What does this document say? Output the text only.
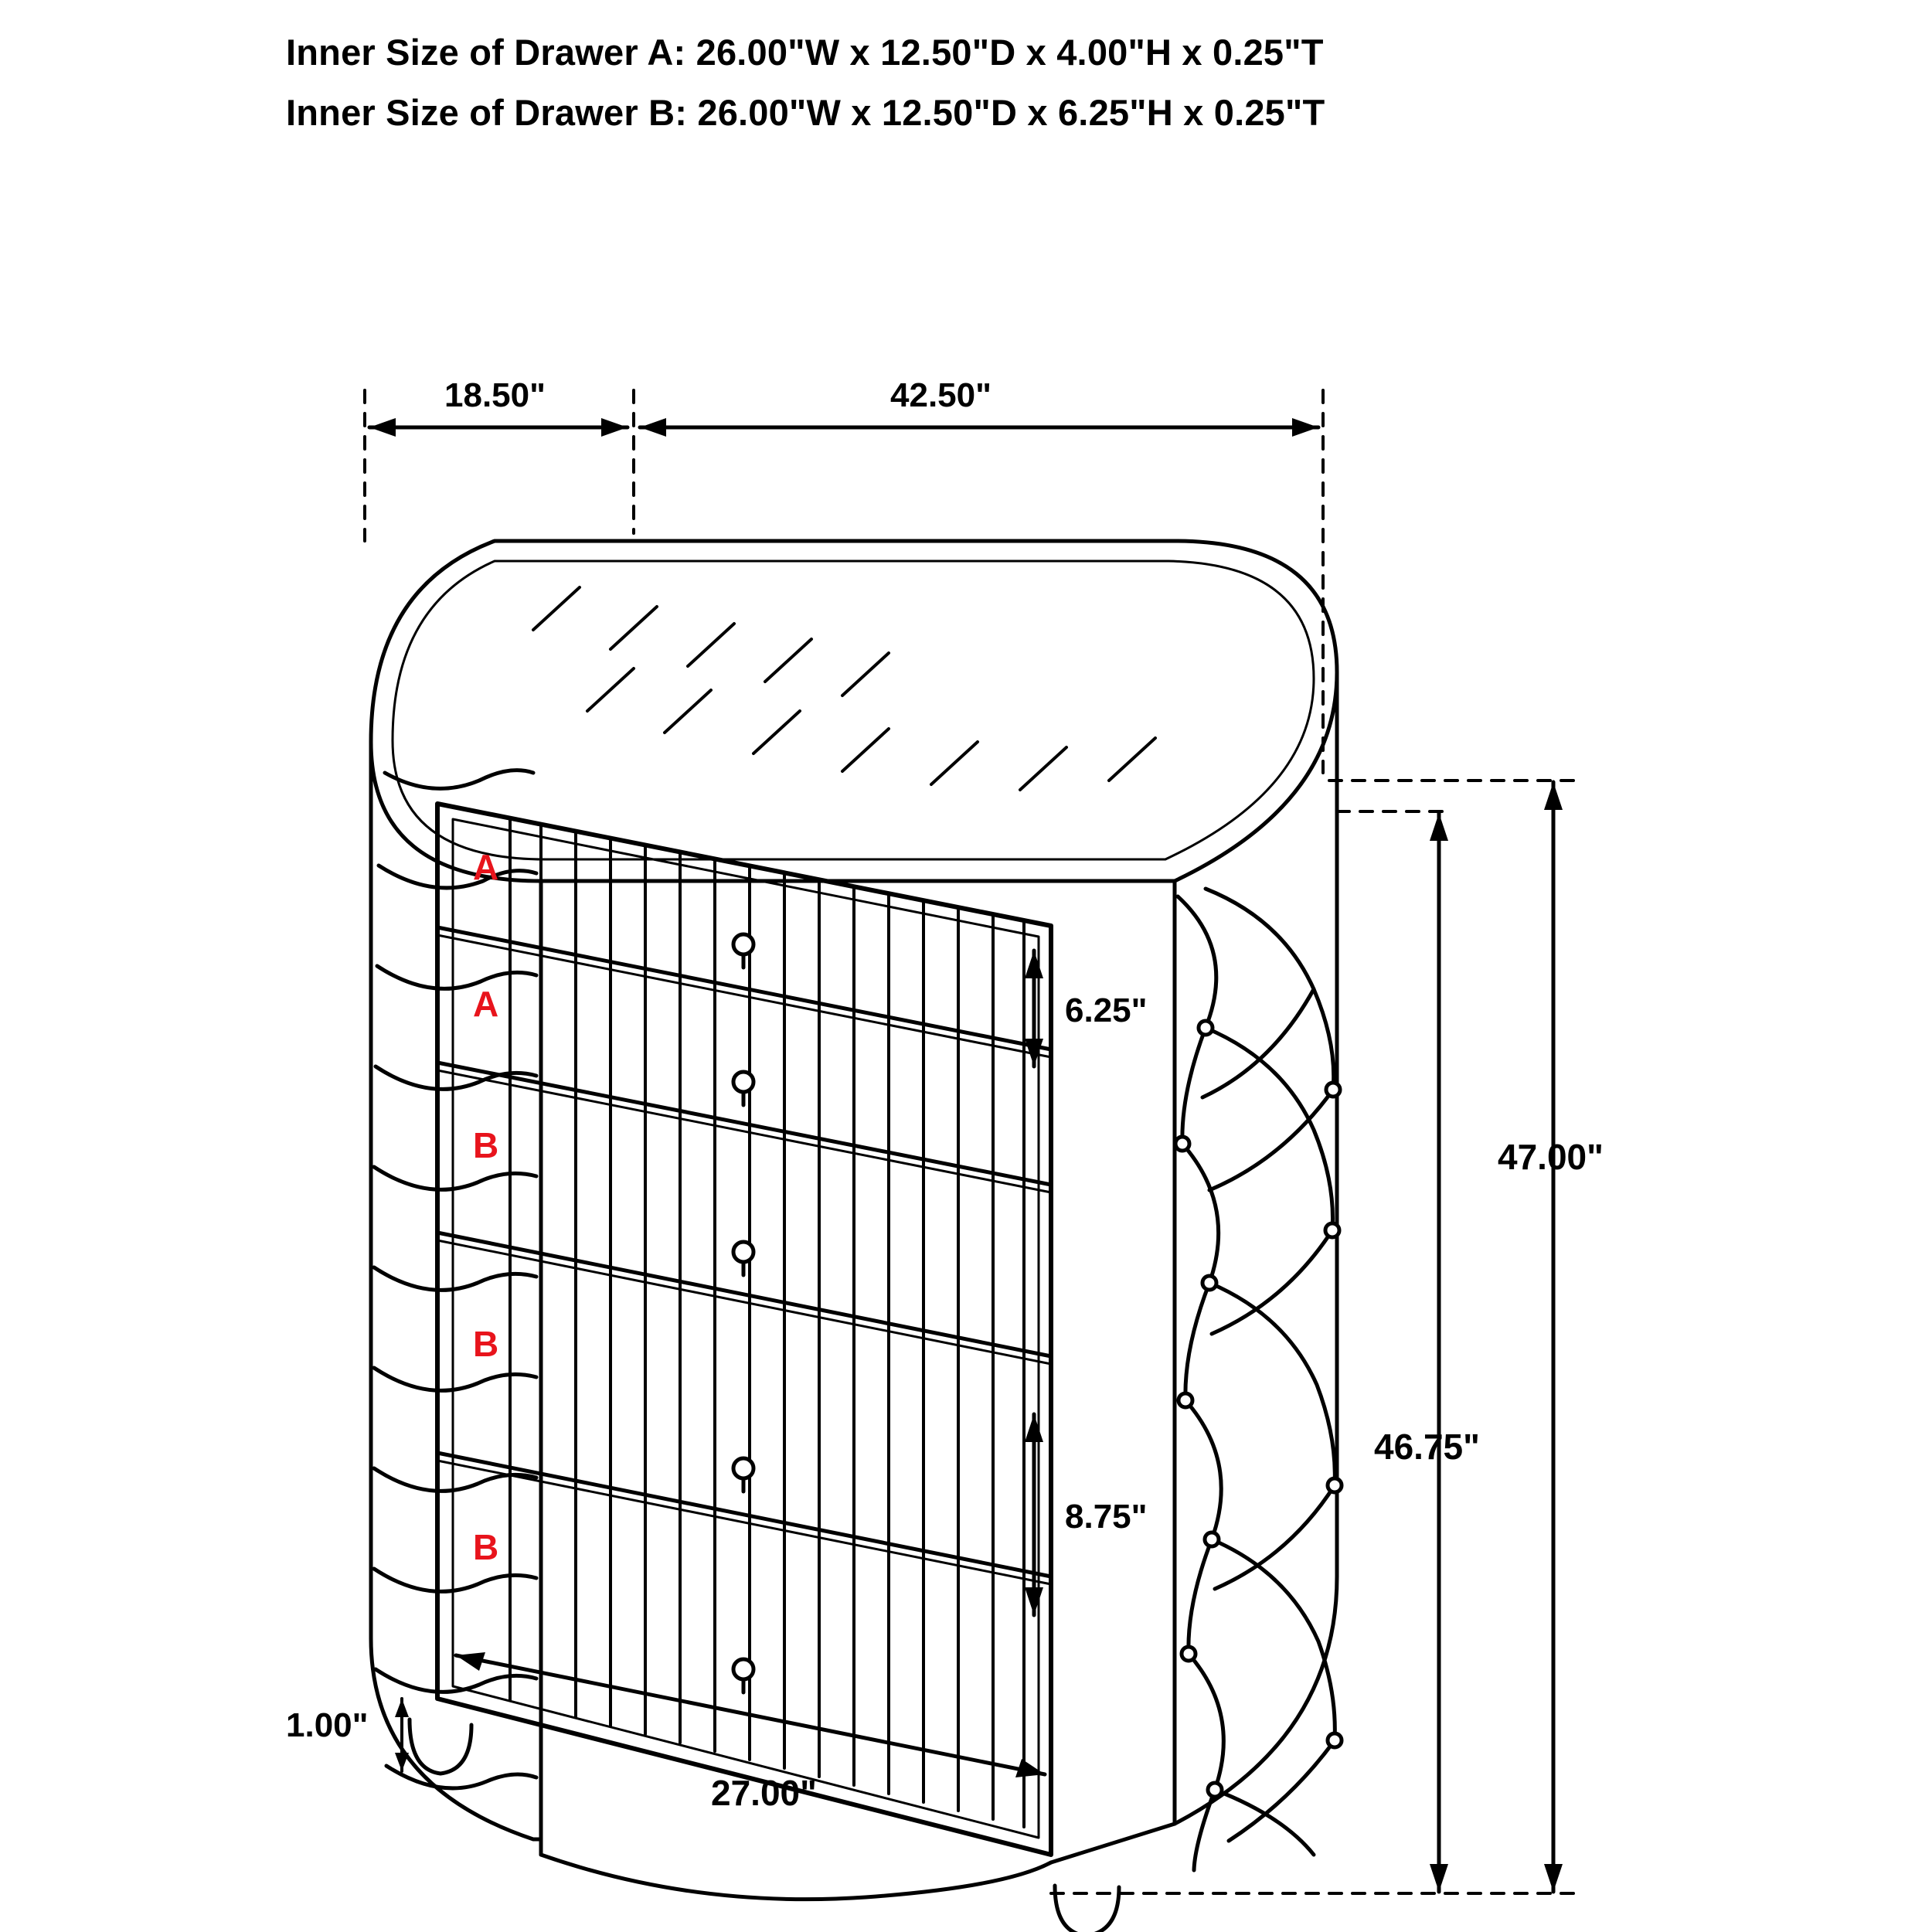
Inner Size of Drawer A: 26.00"W x 12.50"D x 4.00"H x 0.25"T
Inner Size of Drawer B: 26.00"W x 12.50"D x 6.25"H x 0.25"T
18.50"	42.50"
6.25"
8.75"
47.00"
46.75"
1.00"
27.00"
A
A
B
B
B
